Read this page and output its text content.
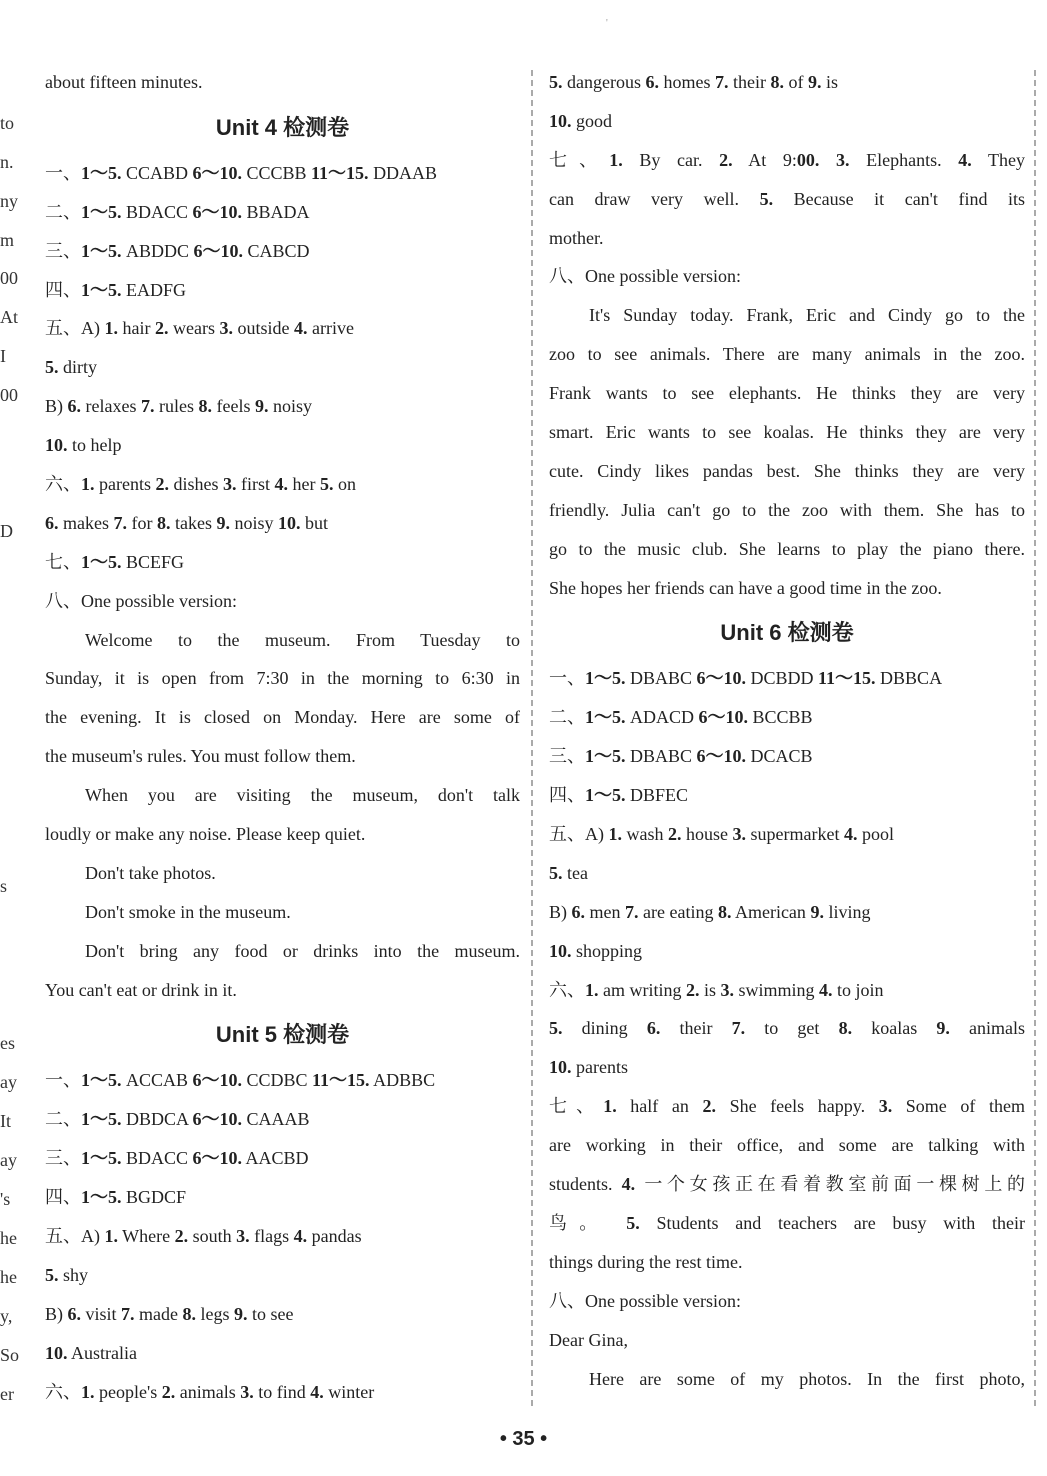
to
n.
ny
m
00
At
I
00
D
s
es
ay
It
ay
's
he
he
y,
So
er
'
about fifteen minutes.
Unit 4 检测卷
一、1～5. CCABD 6～10. CCCBB 11～15. DDAAB
二、1～5. BDACC 6～10. BBADA
三、1～5. ABDDC 6～10. CABCD
四、1～5. EADFG
五、A) 1. hair 2. wears 3. outside 4. arrive
5. dirty
B) 6. relaxes 7. rules 8. feels 9. noisy
10. to help
六、1. parents 2. dishes 3. first 4. her 5. on
6. makes 7. for 8. takes 9. noisy 10. but
七、1～5. BCEFG
八、One possible version:
Welcome to the museum. From Tuesday to
Sunday, it is open from 7:30 in the morning to 6:30 in
the evening. It is closed on Monday. Here are some of
the museum's rules. You must follow them.
When you are visiting the museum, don't talk
loudly or make any noise. Please keep quiet.
Don't take photos.
Don't smoke in the museum.
Don't bring any food or drinks into the museum.
You can't eat or drink in it.
Unit 5 检测卷
一、1～5. ACCAB 6～10. CCDBC 11～15. ADBBC
二、1～5. DBDCA 6～10. CAAAB
三、1～5. BDACC 6～10. AACBD
四、1～5. BGDCF
五、A) 1. Where 2. south 3. flags 4. pandas
5. shy
B) 6. visit 7. made 8. legs 9. to see
10. Australia
六、1. people's 2. animals 3. to find 4. winter
5. dangerous 6. homes 7. their 8. of 9. is
10. good
七、1. By car. 2. At 9:00. 3. Elephants. 4. They
can draw very well. 5. Because it can't find its
mother.
八、One possible version:
It's Sunday today. Frank, Eric and Cindy go to the
zoo to see animals. There are many animals in the zoo.
Frank wants to see elephants. He thinks they are very
smart. Eric wants to see koalas. He thinks they are very
cute. Cindy likes pandas best. She thinks they are very
friendly. Julia can't go to the zoo with them. She has to
go to the music club. She learns to play the piano there.
She hopes her friends can have a good time in the zoo.
Unit 6 检测卷
一、1～5. DBABC 6～10. DCBDD 11～15. DBBCA
二、1～5. ADACD 6～10. BCCBB
三、1～5. DBABC 6～10. DCACB
四、1～5. DBFEC
五、A) 1. wash 2. house 3. supermarket 4. pool
5. tea
B) 6. men 7. are eating 8. American 9. living
10. shopping
六、1. am writing 2. is 3. swimming 4. to join
5. dining 6. their 7. to get 8. koalas 9. animals
10. parents
七、1. half an 2. She feels happy. 3. Some of them
are working in their office, and some are talking with
students. 4. 一个女孩正在看着教室前面一棵树上的
鸟。 5. Students and teachers are busy with their
things during the rest time.
八、One possible version:
Dear Gina,
Here are some of my photos. In the first photo,
• 35 •
